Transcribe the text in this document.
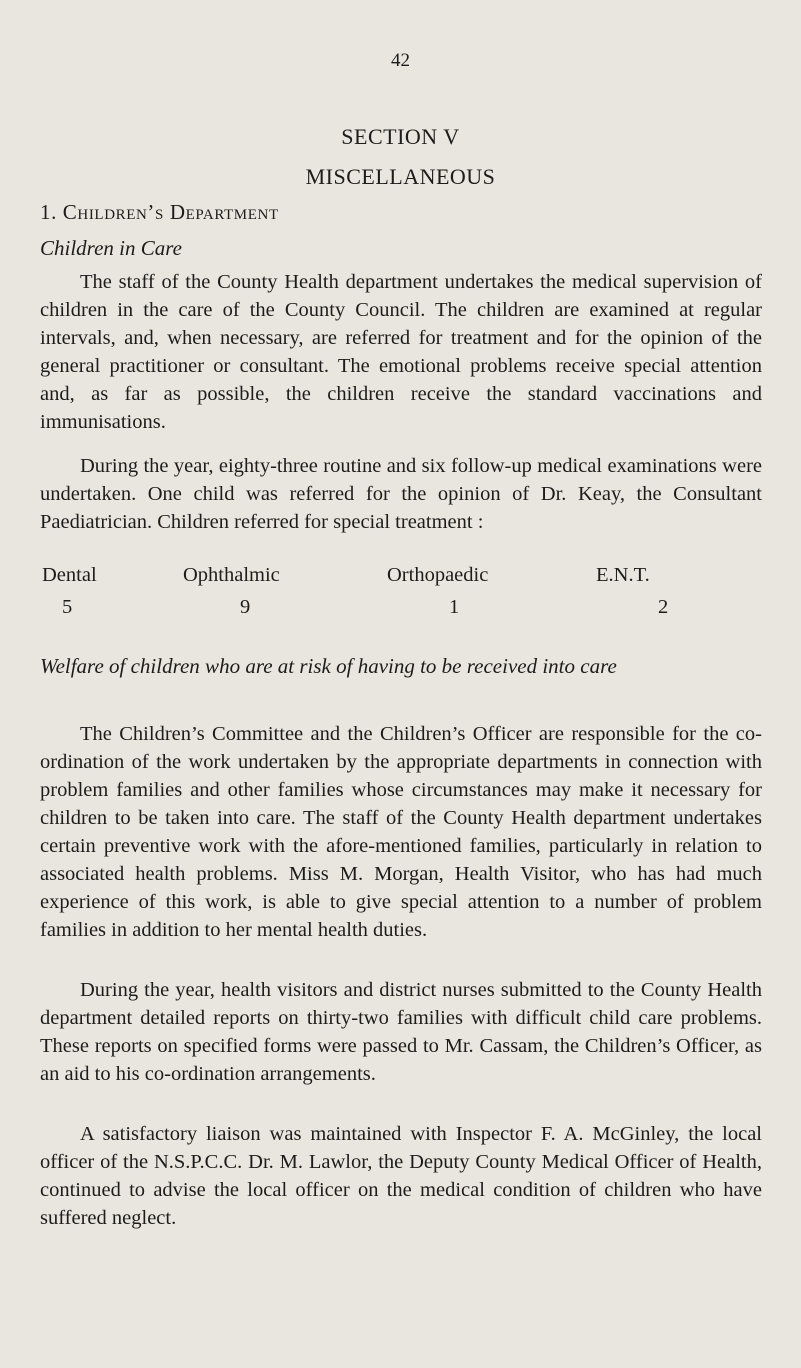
42
SECTION V
MISCELLANEOUS
1. Children’s Department
Children in Care
The staff of the County Health department undertakes the medical supervision of children in the care of the County Council. The children are examined at regular intervals, and, when necessary, are referred for treatment and for the opinion of the general practitioner or consultant. The emotional problems receive special attention and, as far as possible, the children receive the standard vaccinations and immunisations.
During the year, eighty-three routine and six follow-up medical examinations were undertaken. One child was referred for the opinion of Dr. Keay, the Consultant Paediatrician. Children referred for special treatment :
Dental	Ophthalmic	Orthopaedic	E.N.T.
5	9	1	2
Welfare of children who are at risk of having to be received into care
The Children’s Committee and the Children’s Officer are responsible for the co-ordination of the work undertaken by the appropriate departments in connection with problem families and other families whose circumstances may make it necessary for children to be taken into care. The staff of the County Health department undertakes certain preventive work with the afore-mentioned families, particularly in relation to associated health problems. Miss M. Morgan, Health Visitor, who has had much experience of this work, is able to give special attention to a number of problem families in addition to her mental health duties.
During the year, health visitors and district nurses submitted to the County Health department detailed reports on thirty-two families with difficult child care problems. These reports on specified forms were passed to Mr. Cassam, the Children’s Officer, as an aid to his co-ordination arrangements.
A satisfactory liaison was maintained with Inspector F. A. McGinley, the local officer of the N.S.P.C.C. Dr. M. Lawlor, the Deputy County Medical Officer of Health, continued to advise the local officer on the medical condition of children who have suffered neglect.
